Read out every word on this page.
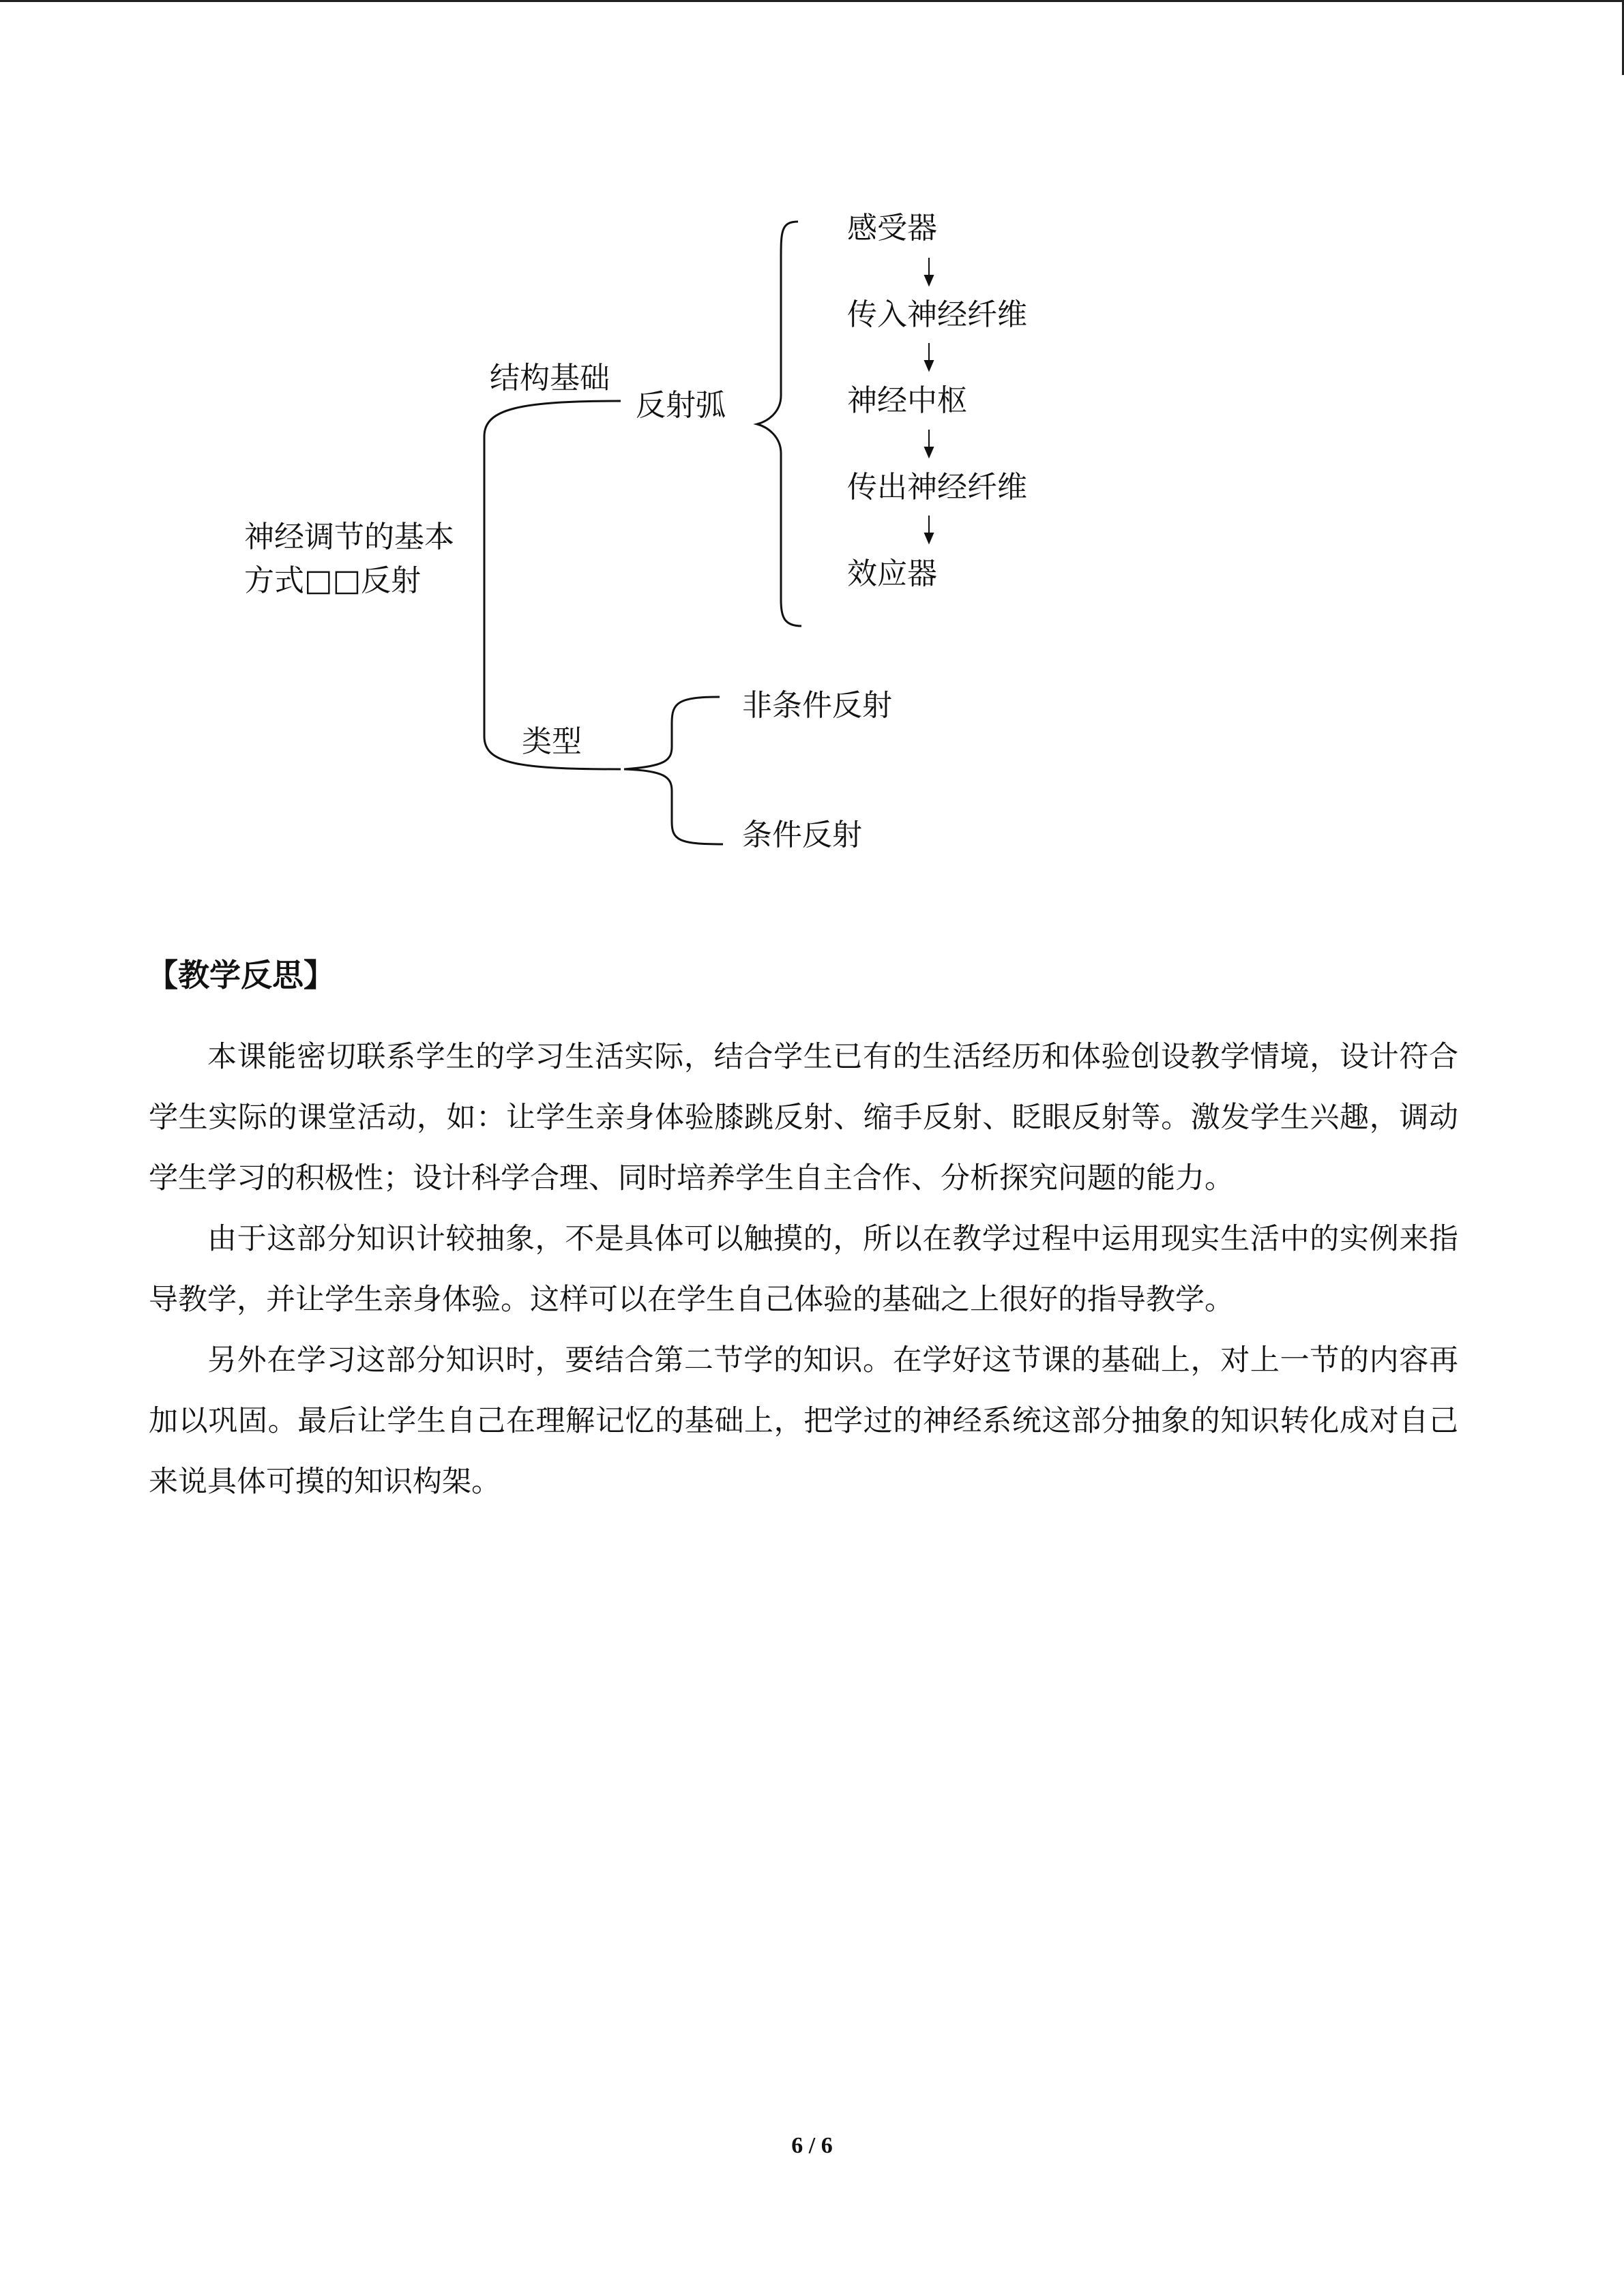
神经调节的基本
方式□□反射
结构基础
反射弧
感受器
传入神经纤维
神经中枢
传出神经纤维
效应器
类型
非条件反射
条件反射
【教学反思】

本课能密切联系学生的学习生活实际，结合学生已有的生活经历和体验创设教学情境，设计符合学生实际的课堂活动，如：让学生亲身体验膝跳反射、缩手反射、眨眼反射等。激发学生兴趣，调动学生学习的积极性；设计科学合理、同时培养学生自主合作、分析探究问题的能力。

由于这部分知识计较抽象，不是具体可以触摸的，所以在教学过程中运用现实生活中的实例来指导教学，并让学生亲身体验。这样可以在学生自己体验的基础之上很好的指导教学。

另外在学习这部分知识时，要结合第二节学的知识。在学好这节课的基础上，对上一节的内容再加以巩固。最后让学生自己在理解记忆的基础上，把学过的神经系统这部分抽象的知识转化成对自己来说具体可摸的知识构架。

6 / 6
